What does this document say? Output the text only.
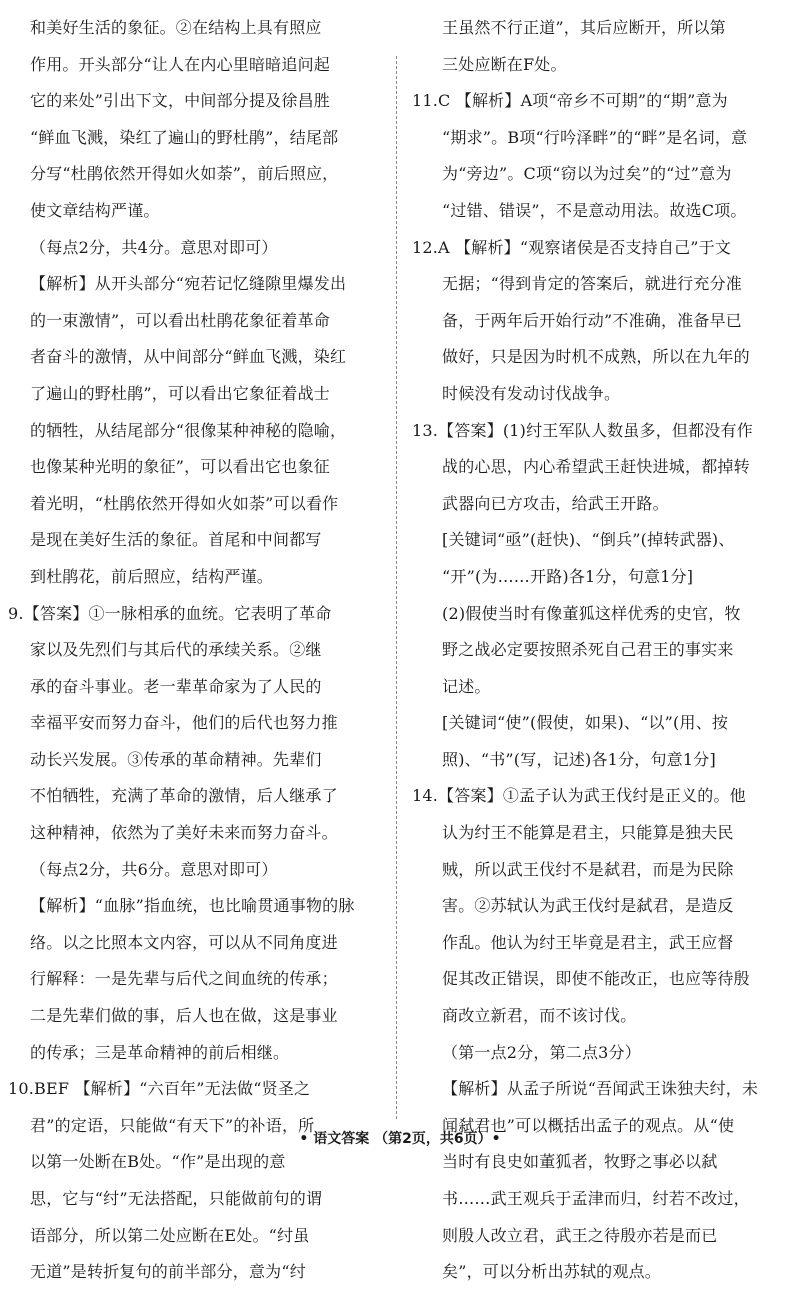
和美好生活的象征。②在结构上具有照应
作用。开头部分“让人在内心里暗暗追问起
它的来处”引出下文，中间部分提及徐昌胜
“鲜血飞溅，染红了遍山的野杜鹃”，结尾部
分写“杜鹃依然开得如火如荼”，前后照应，
使文章结构严谨。
（每点2分，共4分。意思对即可）
【解析】从开头部分“宛若记忆缝隙里爆发出
的一束激情”，可以看出杜鹃花象征着革命
者奋斗的激情，从中间部分“鲜血飞溅，染红
了遍山的野杜鹃”，可以看出它象征着战士
的牺牲，从结尾部分“很像某种神秘的隐喻，
也像某种光明的象征”，可以看出它也象征
着光明，“杜鹃依然开得如火如荼”可以看作
是现在美好生活的象征。首尾和中间都写
到杜鹃花，前后照应，结构严谨。
9.【答案】①一脉相承的血统。它表明了革命
家以及先烈们与其后代的承续关系。②继
承的奋斗事业。老一辈革命家为了人民的
幸福平安而努力奋斗，他们的后代也努力推
动长兴发展。③传承的革命精神。先辈们
不怕牺牲，充满了革命的激情，后人继承了
这种精神，依然为了美好未来而努力奋斗。
（每点2分，共6分。意思对即可）
【解析】“血脉”指血统，也比喻贯通事物的脉
络。以之比照本文内容，可以从不同角度进
行解释：一是先辈与后代之间血统的传承；
二是先辈们做的事，后人也在做，这是事业
的传承；三是革命精神的前后相继。
10.BEF 【解析】“六百年”无法做“贤圣之
君”的定语，只能做“有天下”的补语，所
以第一处断在B处。“作”是出现的意
思，它与“纣”无法搭配，只能做前句的谓
语部分，所以第二处应断在E处。“纣虽
无道”是转折复句的前半部分，意为“纣
王虽然不行正道”，其后应断开，所以第
三处应断在F处。
11.C 【解析】A项“帝乡不可期”的“期”意为
“期求”。B项“行吟泽畔”的“畔”是名词，意
为“旁边”。C项“窃以为过矣”的“过”意为
“过错、错误”，不是意动用法。故选C项。
12.A 【解析】“观察诸侯是否支持自己”于文
无据；“得到肯定的答案后，就进行充分准
备，于两年后开始行动”不准确，准备早已
做好，只是因为时机不成熟，所以在九年的
时候没有发动讨伐战争。
13.【答案】(1)纣王军队人数虽多，但都没有作
战的心思，内心希望武王赶快进城，都掉转
武器向已方攻击，给武王开路。
[关键词“亟”(赶快)、“倒兵”(掉转武器)、
“开”(为……开路)各1分，句意1分]
(2)假使当时有像董狐这样优秀的史官，牧
野之战必定要按照杀死自己君王的事实来
记述。
[关键词“使”(假使，如果)、“以”(用、按
照)、“书”(写，记述)各1分，句意1分]
14.【答案】①孟子认为武王伐纣是正义的。他
认为纣王不能算是君主，只能算是独夫民
贼，所以武王伐纣不是弑君，而是为民除
害。②苏轼认为武王伐纣是弑君，是造反
作乱。他认为纣王毕竟是君主，武王应督
促其改正错误，即使不能改正，也应等待殷
商改立新君，而不该讨伐。
（第一点2分，第二点3分）
【解析】从孟子所说“吾闻武王诛独夫纣，未
闻弑君也”可以概括出孟子的观点。从“使
当时有良史如董狐者，牧野之事必以弑
书……武王观兵于孟津而归，纣若不改过，
则殷人改立君，武王之待殷亦若是而已
矣”，可以分析出苏轼的观点。
• 语文答案 （第2页，共6页）•
